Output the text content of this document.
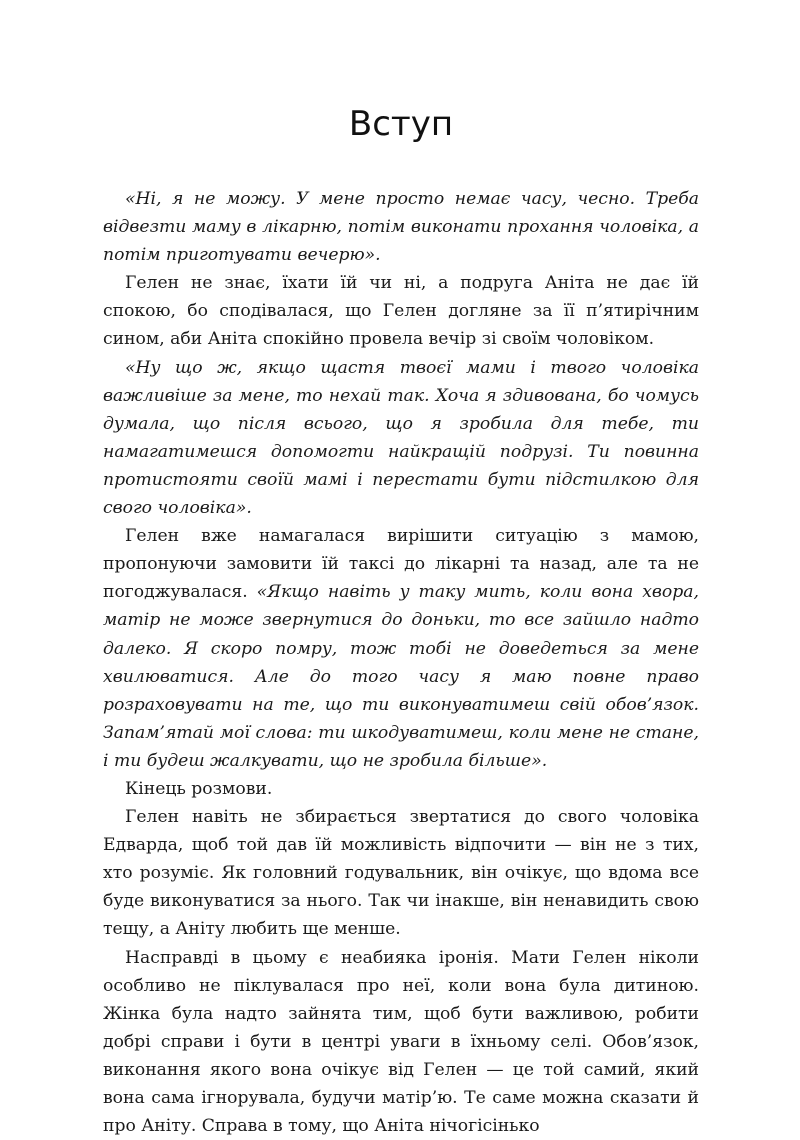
Вступ

«Ні, я не можу. У мене просто немає часу, чесно. Треба відвезти маму в лікарню, потім виконати прохання чоловіка, а потім приготувати вечерю».

Гелен не знає, їхати їй чи ні, а подруга Аніта не дає їй спокою, бо сподівалася, що Гелен догляне за її п’ятирічним сином, аби Аніта спокійно провела вечір зі своїм чоловіком.

«Ну що ж, якщо щастя твоєї мами і твого чоловіка важливіше за мене, то нехай так. Хоча я здивована, бо чомусь думала, що після всього, що я зробила для тебе, ти намагатимешся допомогти найкращій подрузі. Ти повинна протистояти своїй мамі і перестати бути підстилкою для свого чоловіка».

Гелен вже намагалася вирішити ситуацію з мамою, пропонуючи замовити їй таксі до лікарні та назад, але та не погоджувалася. «Якщо навіть у таку мить, коли вона хвора, матір не може звернутися до доньки, то все зайшло надто далеко. Я скоро помру, тож тобі не доведеться за мене хвилюватися. Але до того часу я маю повне право розраховувати на те, що ти виконуватимеш свій обов’язок. Запам’ятай мої слова: ти шкодуватимеш, коли мене не стане, і ти будеш жалкувати, що не зробила більше».

Кінець розмови.

Гелен навіть не збирається звертатися до свого чоловіка Едварда, щоб той дав їй можливість відпочити — він не з тих, хто розуміє. Як головний годувальник, він очікує, що вдома все буде виконуватися за нього. Так чи інакше, він ненавидить свою тещу, а Аніту любить ще менше.

Насправді в цьому є неабияка іронія. Мати Гелен ніколи особливо не піклувалася про неї, коли вона була дитиною. Жінка була надто зайнята тим, щоб бути важливою, робити добрі справи і бути в центрі уваги в їхньому селі. Обов’язок, виконання якого вона очікує від Гелен — це той самий, який вона сама ігнорувала, будучи матір’ю. Те саме можна сказати й про Аніту. Справа в тому, що Аніта нічогісінько
